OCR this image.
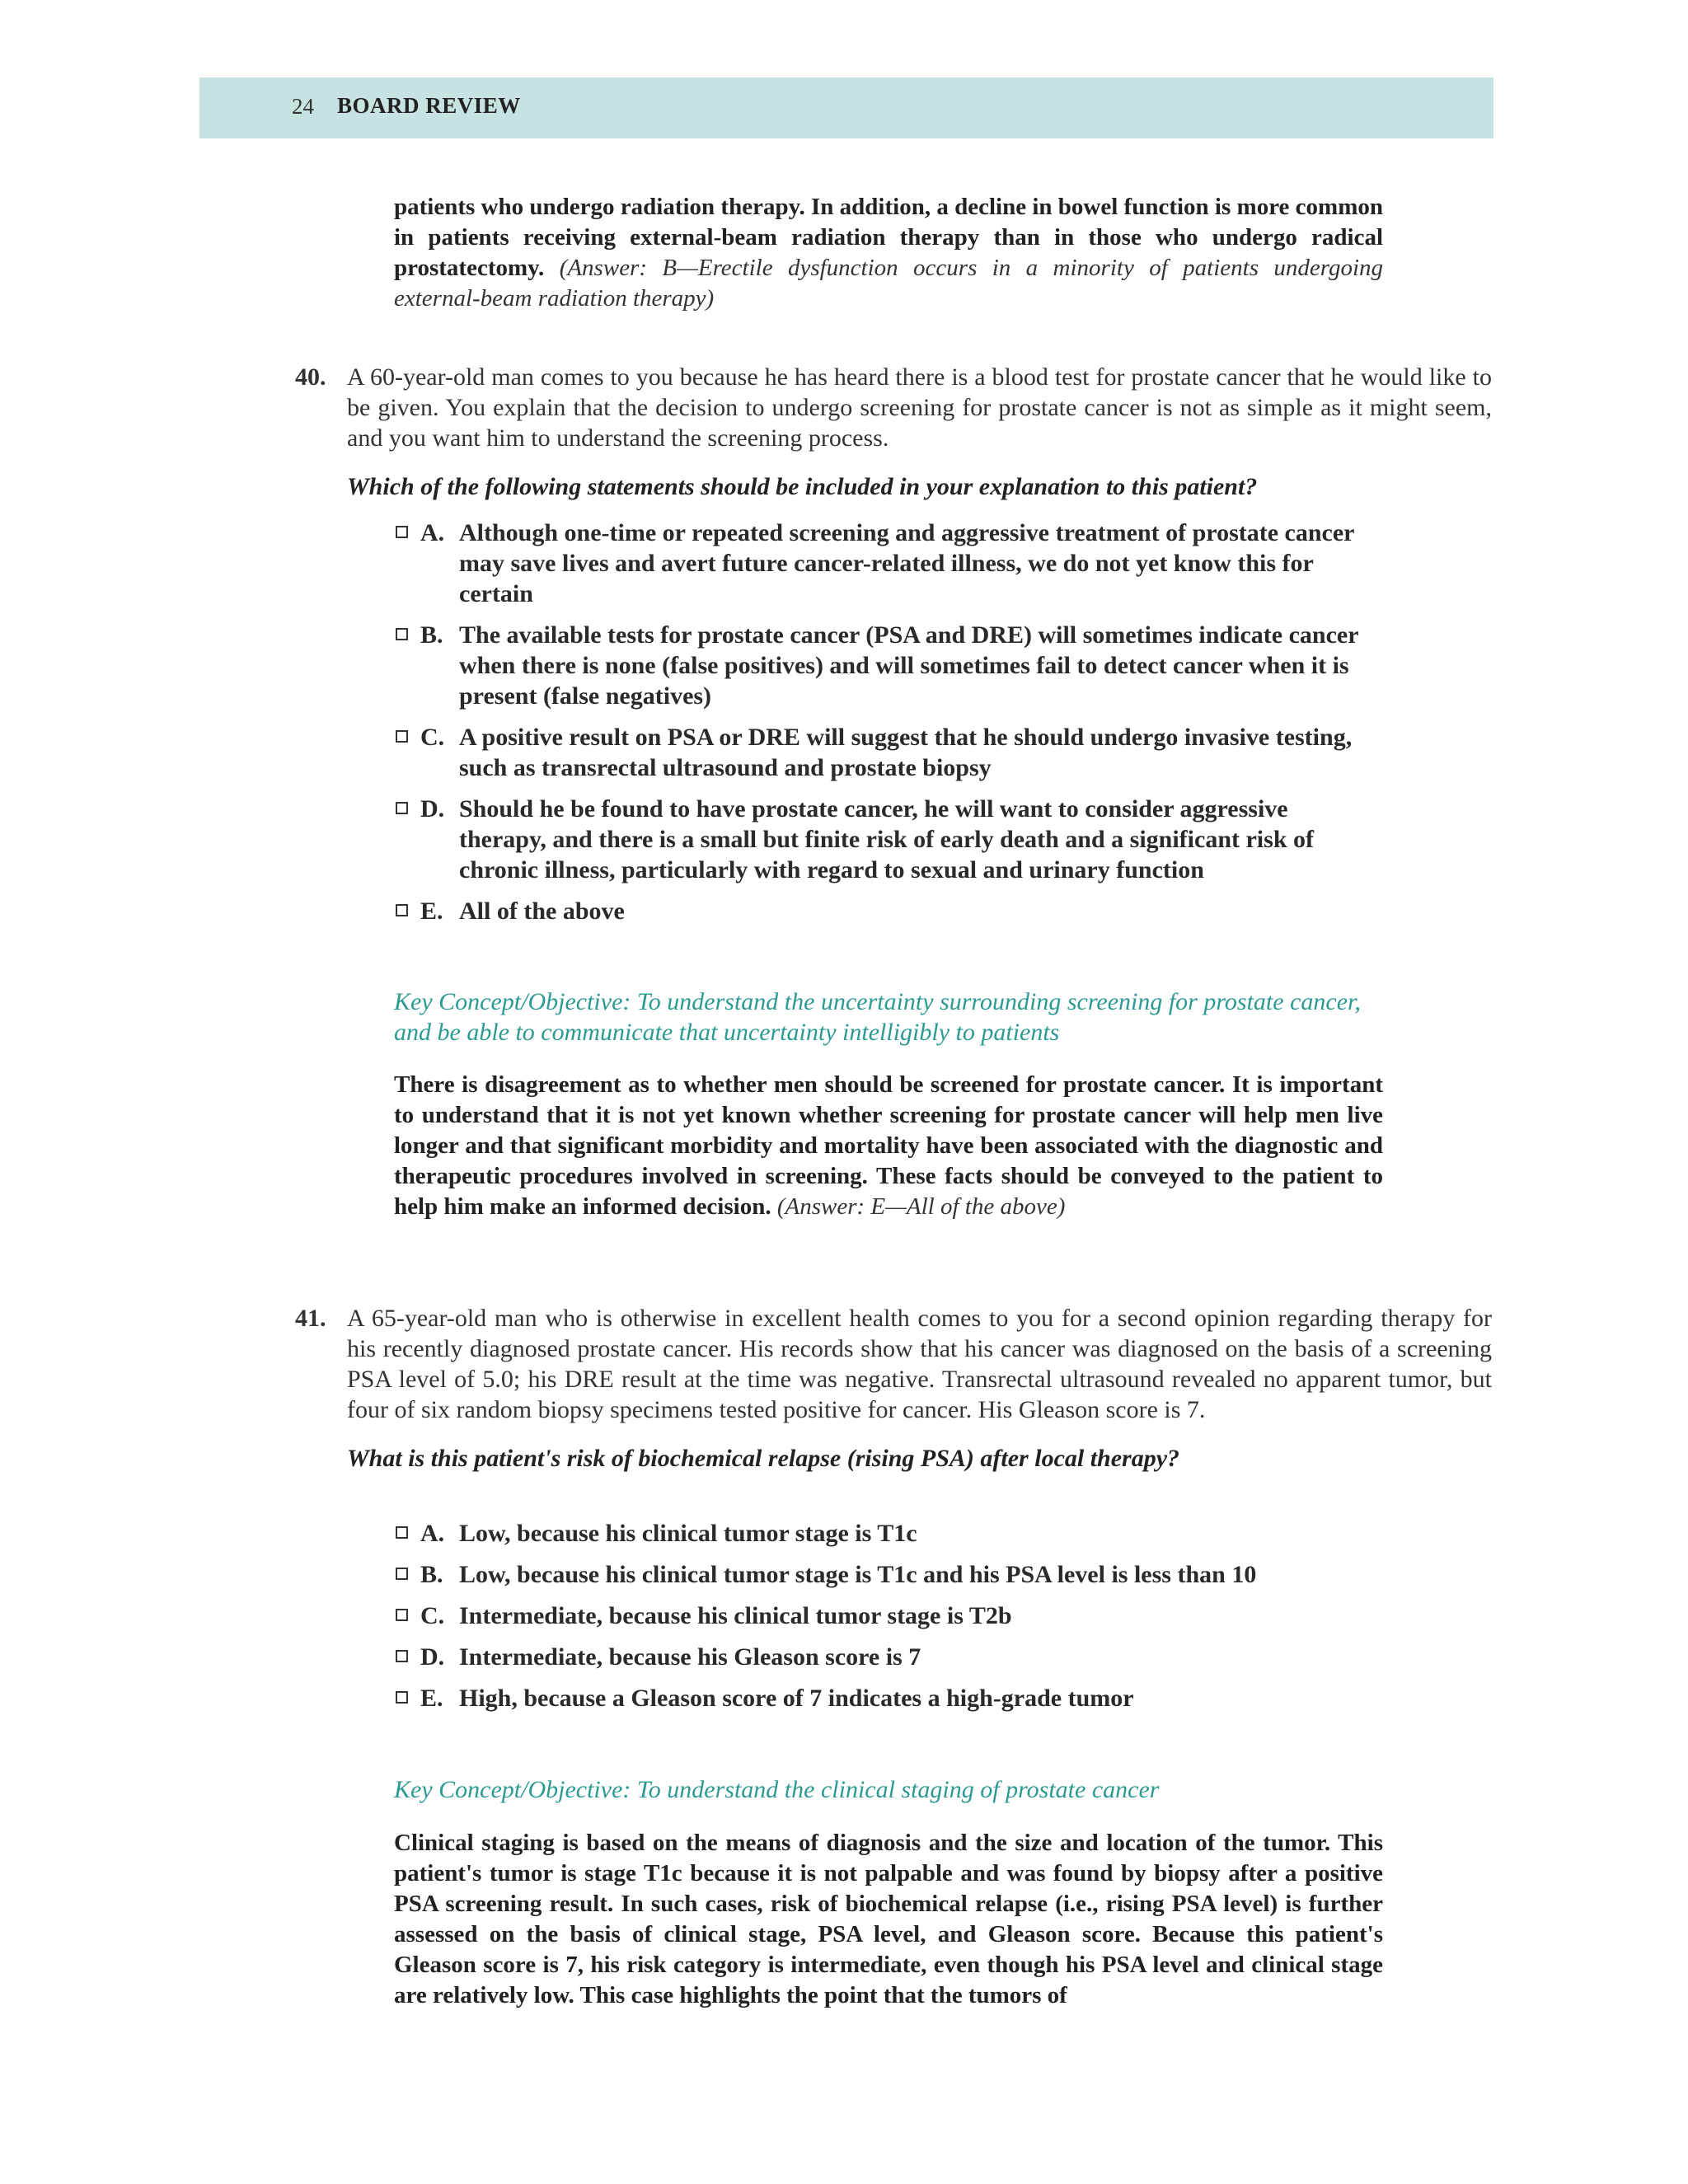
24 BOARD REVIEW
patients who undergo radiation therapy. In addition, a decline in bowel function is more common in patients receiving external-beam radiation therapy than in those who undergo radical prostatectomy. (Answer: B—Erectile dysfunction occurs in a minority of patients undergoing external-beam radiation therapy)
40. A 60-year-old man comes to you because he has heard there is a blood test for prostate cancer that he would like to be given. You explain that the decision to undergo screening for prostate cancer is not as simple as it might seem, and you want him to understand the screening process.
Which of the following statements should be included in your explanation to this patient?
A. Although one-time or repeated screening and aggressive treatment of prostate cancer may save lives and avert future cancer-related illness, we do not yet know this for certain
B. The available tests for prostate cancer (PSA and DRE) will sometimes indicate cancer when there is none (false positives) and will sometimes fail to detect cancer when it is present (false negatives)
C. A positive result on PSA or DRE will suggest that he should undergo invasive testing, such as transrectal ultrasound and prostate biopsy
D. Should he be found to have prostate cancer, he will want to consider aggressive therapy, and there is a small but finite risk of early death and a significant risk of chronic illness, particularly with regard to sexual and urinary function
E. All of the above
Key Concept/Objective: To understand the uncertainty surrounding screening for prostate cancer, and be able to communicate that uncertainty intelligibly to patients
There is disagreement as to whether men should be screened for prostate cancer. It is important to understand that it is not yet known whether screening for prostate cancer will help men live longer and that significant morbidity and mortality have been associated with the diagnostic and therapeutic procedures involved in screening. These facts should be conveyed to the patient to help him make an informed decision. (Answer: E—All of the above)
41. A 65-year-old man who is otherwise in excellent health comes to you for a second opinion regarding therapy for his recently diagnosed prostate cancer. His records show that his cancer was diagnosed on the basis of a screening PSA level of 5.0; his DRE result at the time was negative. Transrectal ultrasound revealed no apparent tumor, but four of six random biopsy specimens tested positive for cancer. His Gleason score is 7.
What is this patient's risk of biochemical relapse (rising PSA) after local therapy?
A. Low, because his clinical tumor stage is T1c
B. Low, because his clinical tumor stage is T1c and his PSA level is less than 10
C. Intermediate, because his clinical tumor stage is T2b
D. Intermediate, because his Gleason score is 7
E. High, because a Gleason score of 7 indicates a high-grade tumor
Key Concept/Objective: To understand the clinical staging of prostate cancer
Clinical staging is based on the means of diagnosis and the size and location of the tumor. This patient's tumor is stage T1c because it is not palpable and was found by biopsy after a positive PSA screening result. In such cases, risk of biochemical relapse (i.e., rising PSA level) is further assessed on the basis of clinical stage, PSA level, and Gleason score. Because this patient's Gleason score is 7, his risk category is intermediate, even though his PSA level and clinical stage are relatively low. This case highlights the point that the tumors of
